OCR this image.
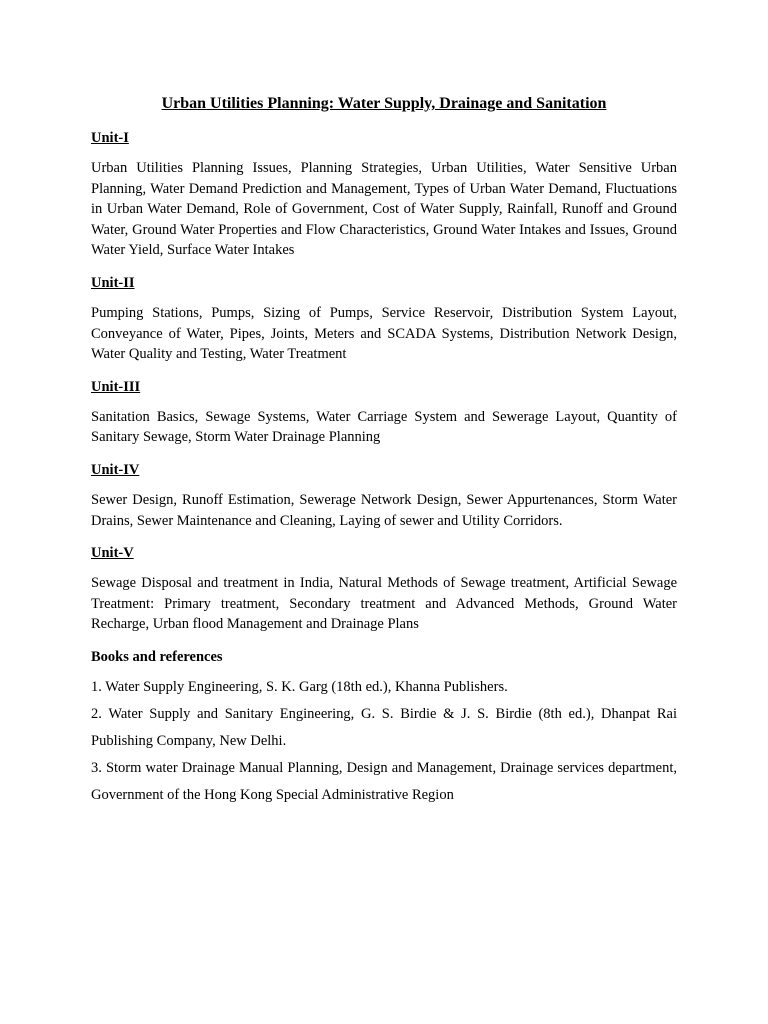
Urban Utilities Planning: Water Supply, Drainage and Sanitation
Unit-I

Urban Utilities Planning Issues, Planning Strategies, Urban Utilities, Water Sensitive Urban Planning, Water Demand Prediction and Management, Types of Urban Water Demand, Fluctuations in Urban Water Demand, Role of Government, Cost of Water Supply, Rainfall, Runoff and Ground Water, Ground Water Properties and Flow Characteristics, Ground Water Intakes and Issues, Ground Water Yield, Surface Water Intakes

Unit-II

Pumping Stations, Pumps, Sizing of Pumps, Service Reservoir, Distribution System Layout, Conveyance of Water, Pipes, Joints, Meters and SCADA Systems, Distribution Network Design, Water Quality and Testing, Water Treatment

Unit-III

Sanitation Basics, Sewage Systems, Water Carriage System and Sewerage Layout, Quantity of Sanitary Sewage, Storm Water Drainage Planning

Unit-IV

Sewer Design, Runoff Estimation, Sewerage Network Design, Sewer Appurtenances, Storm Water Drains, Sewer Maintenance and Cleaning, Laying of sewer and Utility Corridors.

Unit-V

Sewage Disposal and treatment in India, Natural Methods of Sewage treatment, Artificial Sewage Treatment: Primary treatment, Secondary treatment and Advanced Methods, Ground Water Recharge, Urban flood Management and Drainage Plans

Books and references

1. Water Supply Engineering, S. K. Garg (18th ed.), Khanna Publishers.

2. Water Supply and Sanitary Engineering, G. S. Birdie & J. S. Birdie (8th ed.), Dhanpat Rai Publishing Company, New Delhi.

3. Storm water Drainage Manual Planning, Design and Management, Drainage services department, Government of the Hong Kong Special Administrative Region
